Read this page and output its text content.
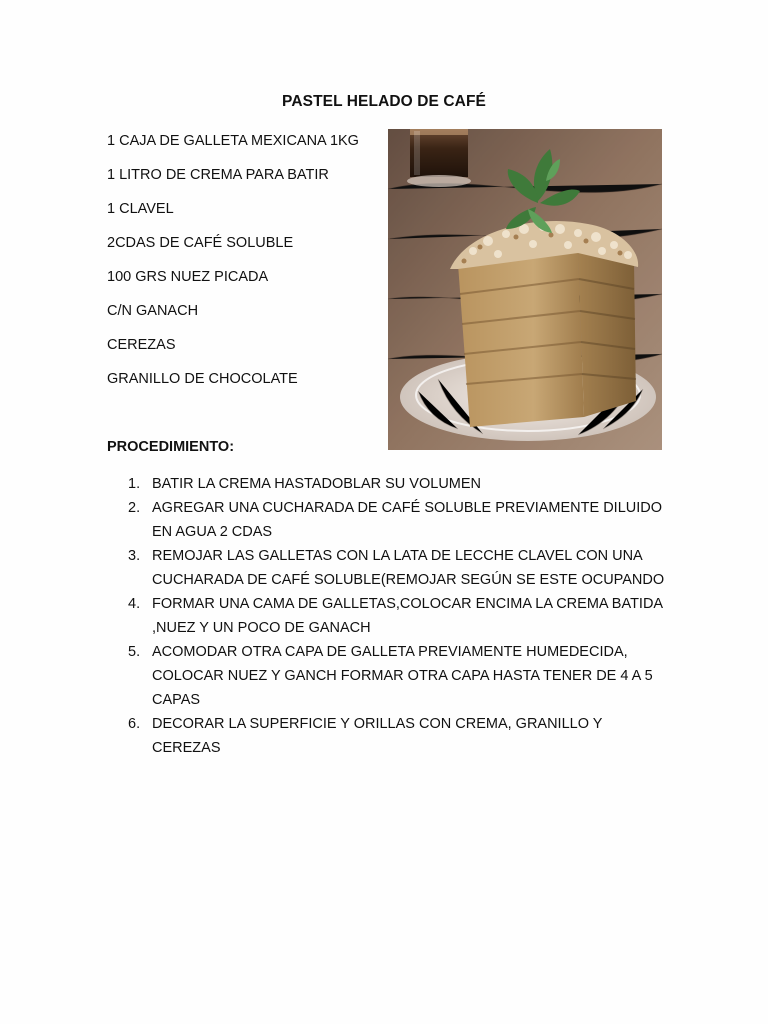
PASTEL HELADO DE CAFÉ
1 CAJA DE GALLETA MEXICANA 1KG
1 LITRO DE CREMA PARA BATIR
1 CLAVEL
2CDAS DE CAFÉ SOLUBLE
100 GRS NUEZ PICADA
C/N GANACH
CEREZAS
GRANILLO DE CHOCOLATE
PROCEDIMIENTO:
1. BATIR LA CREMA HASTADOBLAR SU VOLUMEN
2. AGREGAR UNA CUCHARADA DE CAFÉ SOLUBLE PREVIAMENTE DILUIDO EN AGUA 2 CDAS
3. REMOJAR LAS GALLETAS CON LA LATA DE LECCHE CLAVEL CON UNA CUCHARADA DE CAFÉ SOLUBLE(REMOJAR SEGÚN SE ESTE OCUPANDO
4. FORMAR UNA CAMA DE GALLETAS,COLOCAR ENCIMA LA CREMA BATIDA ,NUEZ Y UN POCO DE GANACH
5. ACOMODAR OTRA CAPA DE GALLETA PREVIAMENTE HUMEDECIDA, COLOCAR NUEZ Y GANCH FORMAR OTRA CAPA HASTA TENER DE 4 A 5 CAPAS
6. DECORAR LA SUPERFICIE Y ORILLAS CON CREMA, GRANILLO Y CEREZAS
